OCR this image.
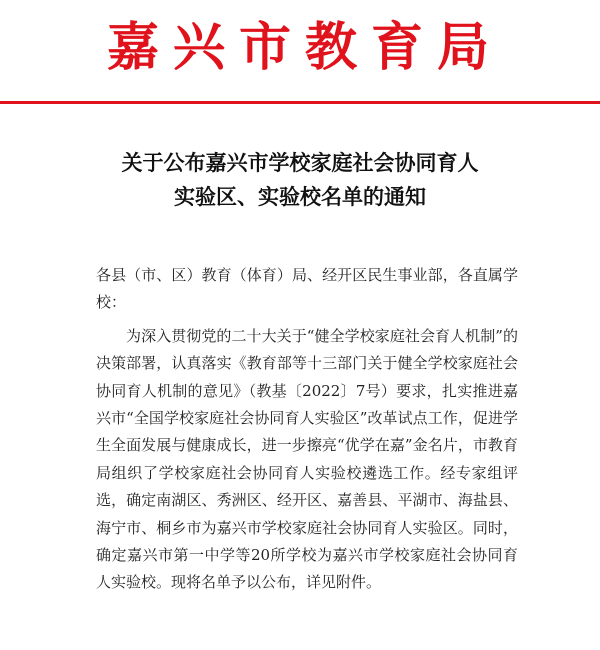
嘉兴市教育局
关于公布嘉兴市学校家庭社会协同育人
实验区、实验校名单的通知

各县（市、区）教育（体育）局、经开区民生事业部，各直属学校：

为深入贯彻党的二十大关于“健全学校家庭社会育人机制”的决策部署，认真落实《教育部等十三部门关于健全学校家庭社会协同育人机制的意见》（教基〔2022〕7号）要求，扎实推进嘉兴市“全国学校家庭社会协同育人实验区”改革试点工作，促进学生全面发展与健康成长，进一步擦亮“优学在嘉”金名片，市教育局组织了学校家庭社会协同育人实验校遴选工作。经专家组评选，确定南湖区、秀洲区、经开区、嘉善县、平湖市、海盐县、海宁市、桐乡市为嘉兴市学校家庭社会协同育人实验区。同时，确定嘉兴市第一中学等20所学校为嘉兴市学校家庭社会协同育人实验校。现将名单予以公布，详见附件。
